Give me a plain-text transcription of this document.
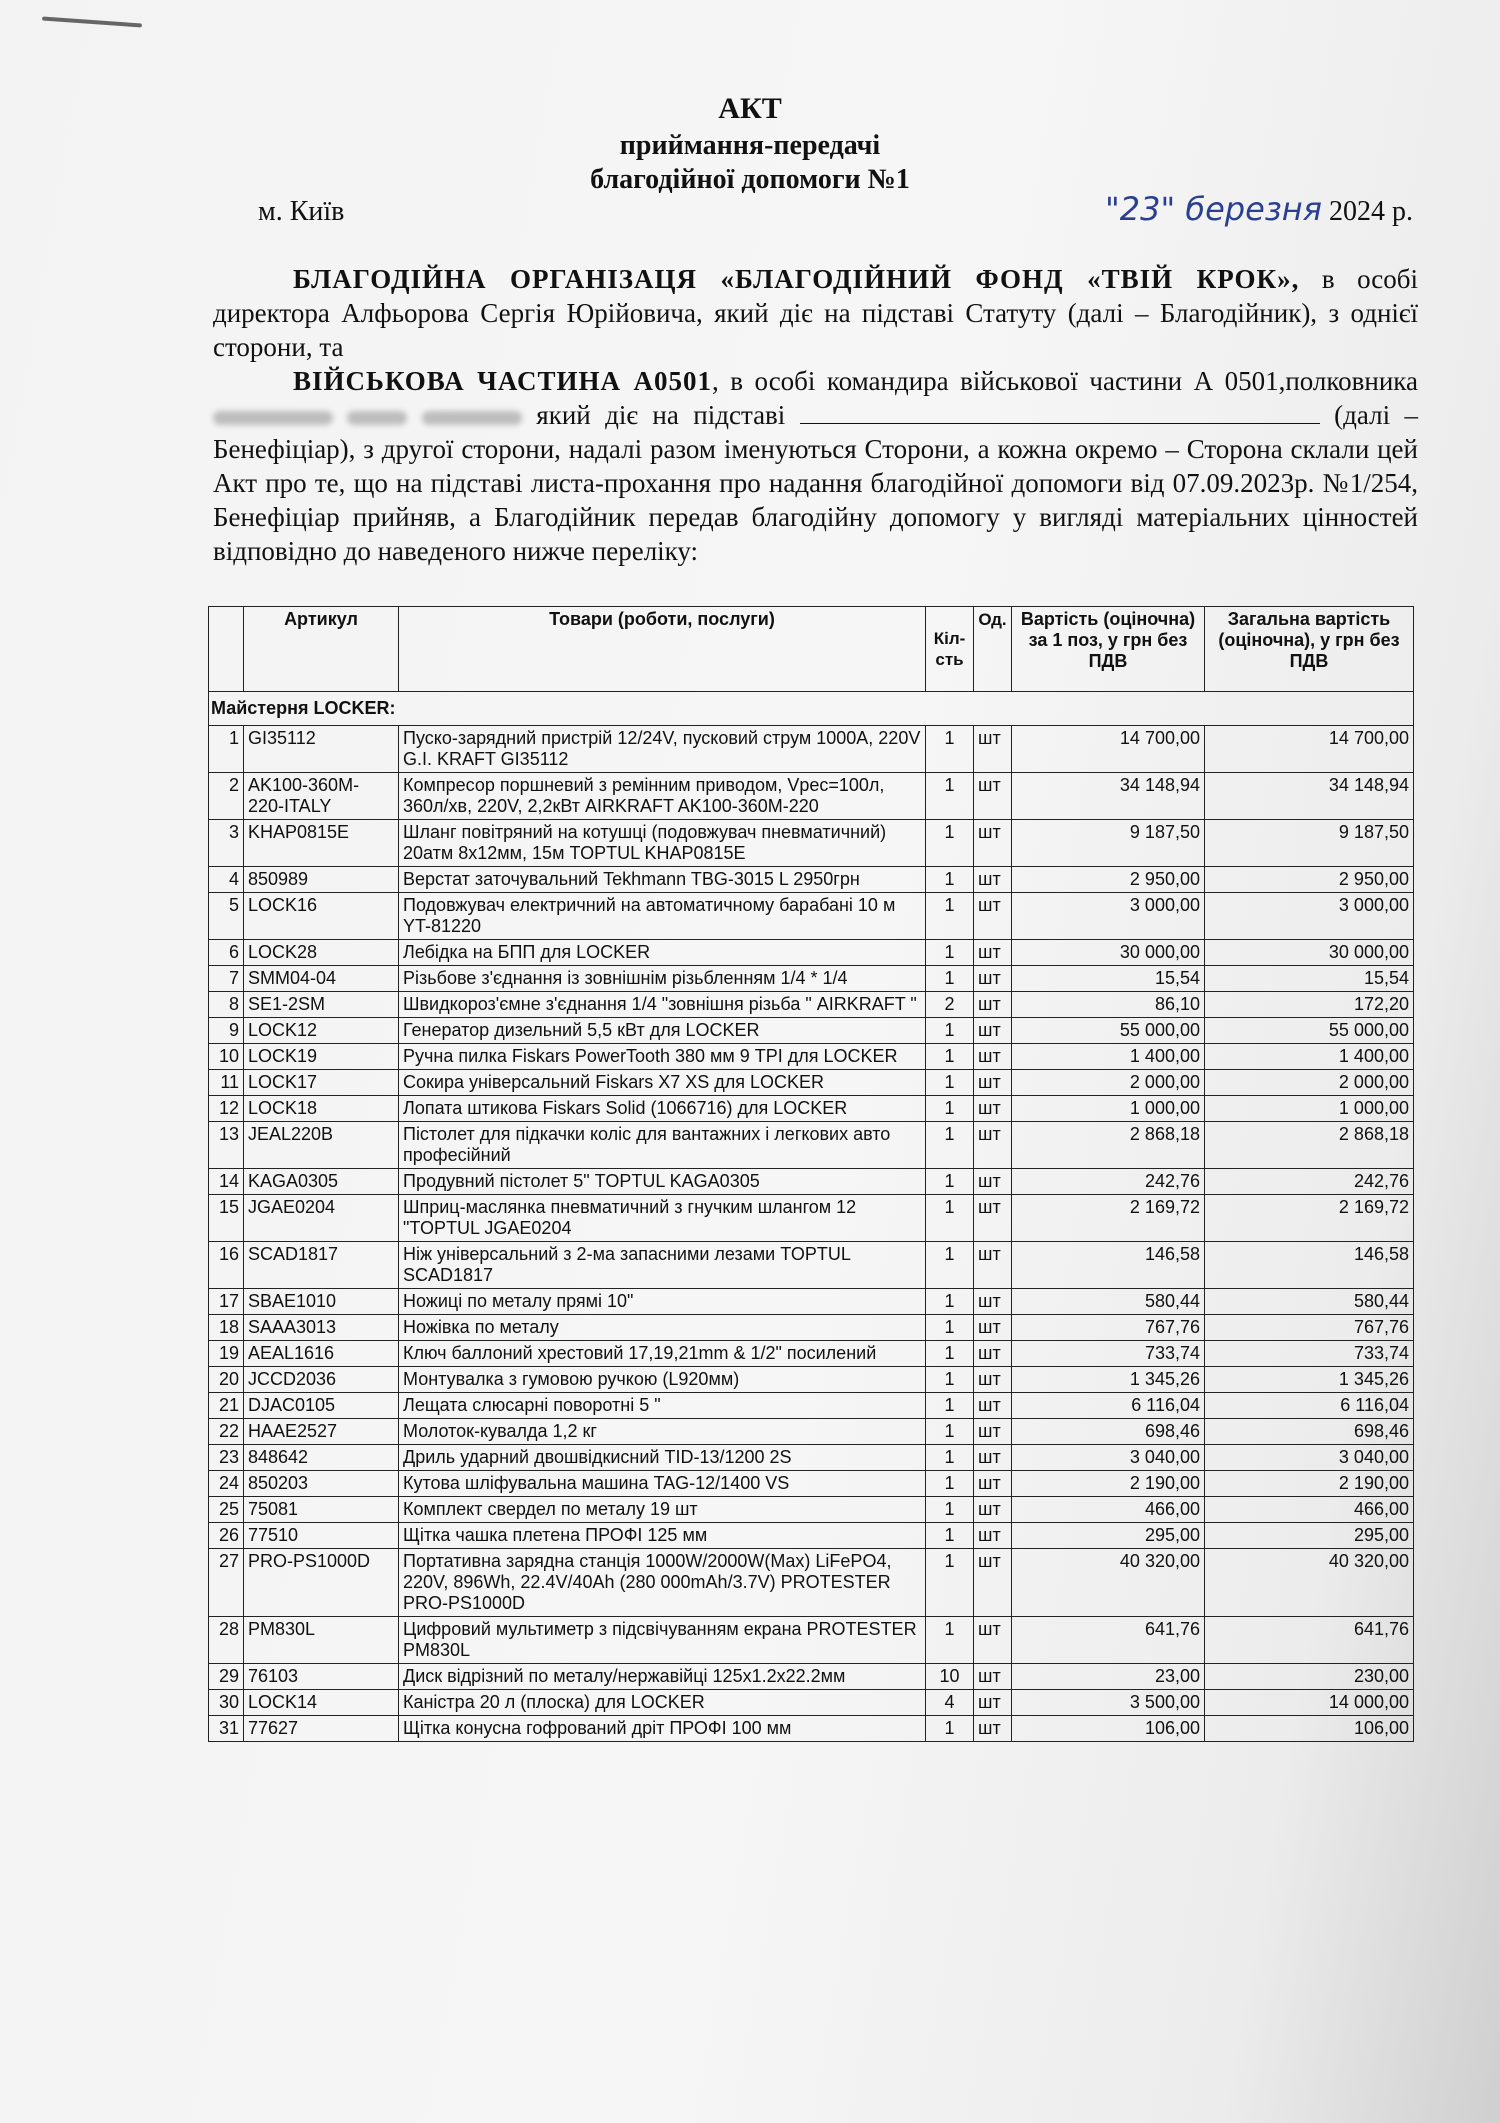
АКТ
приймання-передачі
благодійної допомоги №1
м. Київ	"23" березня 2024 р.

БЛАГОДІЙНА ОРГАНІЗАЦЯ «БЛАГОДІЙНИЙ ФОНД «ТВІЙ КРОК», в особі директора Алфьорова Сергія Юрійовича, який діє на підставі Статуту (далі – Благодійник), з однієї сторони, та

ВІЙСЬКОВА ЧАСТИНА А0501, в особі командира військової частини А 0501,полковника    який діє на підставі	(далі – Бенефіціар), з другої сторони, надалі разом іменуються Сторони, а кожна окремо – Сторона склали цей Акт про те, що на підставі листа-прохання про надання благодійної допомоги від 07.09.2023р. №1/254, Бенефіціар прийняв, а Благодійник передав благодійну допомогу у вигляді матеріальних цінностей відповідно до наведеного нижче переліку:

	Артикул	Товари (роботи, послуги)	Кіл-сть	Од.	Вартість (оціночна) за 1 поз, у грн без ПДВ	Загальна вартість (оціночна), у грн без ПДВ
Майстерня LOCKER:						
1	GI35112	Пуско-зарядний пристрій 12/24V, пусковий струм 1000A, 220V G.I. KRAFT GI35112	1	шт	14 700,00	14 700,00
2	AK100-360M-220-ITALY	Компресор поршневий з ремінним приводом, Vрес=100л, 360л/хв, 220V, 2,2кВт AIRKRAFT AK100-360M-220	1	шт	34 148,94	34 148,94
3	KHAP0815E	Шланг повітряний на котушці (подовжувач пневматичний) 20атм 8х12мм, 15м TOPTUL KHAP0815E	1	шт	9 187,50	9 187,50
4	850989	Верстат заточувальний Tekhmann TBG-3015 L 2950грн	1	шт	2 950,00	2 950,00
5	LOCK16	Подовжувач електричний на автоматичному барабані 10 м YT-81220	1	шт	3 000,00	3 000,00
6	LOCK28	Лебідка на БПП для LOCKER	1	шт	30 000,00	30 000,00
7	SMM04-04	Різьбове з'єднання із зовнішнім різьбленням 1/4 * 1/4	1	шт	15,54	15,54
8	SE1-2SM	Швидкороз'ємне з'єднання 1/4 "зовнішня різьба " AIRKRAFT "	2	шт	86,10	172,20
9	LOCK12	Генератор дизельний 5,5 кВт для LOCKER	1	шт	55 000,00	55 000,00
10	LOCK19	Ручна пилка Fiskars PowerTooth 380 мм 9 TPI для LOCKER	1	шт	1 400,00	1 400,00
11	LOCK17	Сокира універсальний Fiskars X7 XS для LOCKER	1	шт	2 000,00	2 000,00
12	LOCK18	Лопата штикова Fiskars Solid (1066716) для LOCKER	1	шт	1 000,00	1 000,00
13	JEAL220B	Пістолет для підкачки коліс для вантажних і легкових авто професійний	1	шт	2 868,18	2 868,18
14	KAGA0305	Продувний пістолет 5" TOPTUL KAGA0305	1	шт	242,76	242,76
15	JGAE0204	Шприц-маслянка пневматичний з гнучким шлангом 12 "TOPTUL JGAE0204	1	шт	2 169,72	2 169,72
16	SCAD1817	Ніж універсальний з 2-ма запасними лезами TOPTUL SCAD1817	1	шт	146,58	146,58
17	SBAE1010	Ножиці по металу прямі 10"	1	шт	580,44	580,44
18	SAAA3013	Ножівка по металу	1	шт	767,76	767,76
19	AEAL1616	Ключ баллоний хрестовий 17,19,21mm & 1/2" посилений	1	шт	733,74	733,74
20	JCCD2036	Монтувалка з гумовою ручкою (L920мм)	1	шт	1 345,26	1 345,26
21	DJAC0105	Лещата слюсарні поворотні 5 "	1	шт	6 116,04	6 116,04
22	HAAE2527	Молоток-кувалда 1,2 кг	1	шт	698,46	698,46
23	848642	Дриль ударний двошвідкисний TID-13/1200 2S	1	шт	3 040,00	3 040,00
24	850203	Кутова шліфувальна машина TAG-12/1400 VS	1	шт	2 190,00	2 190,00
25	75081	Комплект свердел по металу 19 шт	1	шт	466,00	466,00
26	77510	Щітка чашка плетена ПРОФІ 125 мм	1	шт	295,00	295,00
27	PRO-PS1000D	Портативна зарядна станція 1000W/2000W(Max) LiFePO4, 220V, 896Wh, 22.4V/40Ah (280 000mAh/3.7V) PROTESTER PRO-PS1000D	1	шт	40 320,00	40 320,00
28	PM830L	Цифровий мультиметр з підсвічуванням екрана PROTESTER PM830L	1	шт	641,76	641,76
29	76103	Диск відрізний по металу/нержавійці 125x1.2x22.2мм	10	шт	23,00	230,00
30	LOCK14	Каністра 20 л (плоска) для LOCKER	4	шт	3 500,00	14 000,00
31	77627	Щітка конусна гофрований дріт ПРОФІ 100 мм	1	шт	106,00	106,00
